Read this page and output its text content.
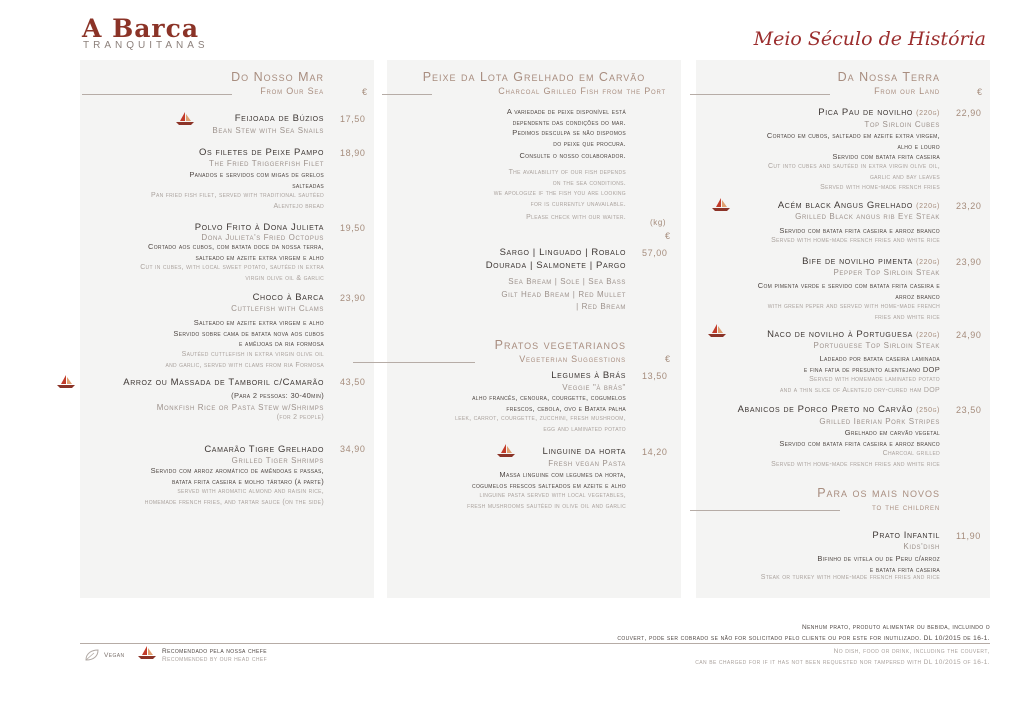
A Barca
TRANQUITANAS	Meio Século de História
Do Nosso Mar
From Our Sea	€
Feijoada de Búzios 17,50
Bean Stew with Sea Snails
Os filetes de Peixe Pampo 18,90
The Fried Triggerfish Filet
Panados e servidos com migas de grelos
salteadas
Pan fried fish filet, served with traditional sautéed
Alentejo bread
Polvo Frito à Dona Julieta 19,50
Dona Julieta's Fried Octopus
Cortado aos cubos, com batata doce da nossa terra,
salteado em azeite extra virgem e alho
Cut in cubes, with local sweet potato, sautéed in extra
virgin olive oil & garlic
Choco à Barca 23,90
Cuttlefish with Clams
Salteado em azeite extra virgem e alho
Servido sobre cama de batata nova aos cubos
e amêijoas da ria formosa
Sautéed cuttlefish in extra virgin olive oil
and garlic, served with clams from ria Formosa
Arroz ou Massada de Tamboril c/Camarão 43,50
(Para 2 pessoas: 30-40min)
Monkfish Rice or Pasta Stew w/Shrimps
(for 2 people)
Camarão Tigre Grelhado 34,90
Grilled Tiger Shrimps
Servido com arroz aromático de amêndoas e passas,
batata frita caseira e molho tártaro (à parte)
served with aromatic almond and raisin rice,
homemade french fries, and tartar sauce (on the side)
Peixe da Lota Grelhado em Carvão
Charcoal Grilled Fish from the Port
A variedade de peixe disponível está
dependente das condições do mar.
Pedimos desculpa se não dispomos
do peixe que procura.
Consulte o nosso colaborador.
The availability of our fish depends
on the sea conditions.
we apologize if the fish you are looking
for is currently unavailable.
Please check with our waiter.
(kg)
€
Sargo | Linguado | Robalo 57,00
Dourada | Salmonete | Pargo
Sea Bream | Sole | Sea Bass
Gilt Head Bream | Red Mullet
| Red Bream
Pratos vegetarianos
Vegeterian Suggestions	€
Legumes à Brás 13,50
Veggie "à brás"
alho francês, cenoura, courgette, cogumelos
frescos, cebola, ovo e Batata palha
leek, carrot, courgette, zucchini, fresh mushroom,
egg and laminated potato
Linguine da horta 14,20
Fresh vegan Pasta
Massa linguine com legumes da horta,
cogumelos frescos salteados em azeite e alho
linguine pasta served with local vegetables,
fresh mushrooms sautéed in olive oil and garlic
Da Nossa Terra
From our Land	€
Pica Pau de novilho (220g) 22,90
Top Sirloin Cubes
Cortado em cubos, salteado em azeite extra virgem,
alho e louro
Servido com batata frita caseira
Cut into cubes and sautéed in extra virgin olive oil,
garlic and bay leaves
Served with home-made french fries
Acém black Angus Grelhado (220g) 23,20
Grilled Black angus rib Eye Steak
Servido com batata frita caseira e arroz branco
Served with home-made french fries and white rice
Bife de novilho pimenta (220g) 23,90
Pepper Top Sirloin Steak
Com pimenta verde e servido com batata frita caseira e
arroz branco
with green peper and served with home-made french
fries and white rice
Naco de novilho à Portuguesa (220g) 24,90
Portuguese Top Sirloin Steak
Ladeado por batata caseira laminada
e fina fatia de presunto alentejano DOP
Served with homemade laminated potato
and a thin slice of Alentejo dry-cured ham DOP
Abanicos de Porco Preto no Carvão (250g) 23,50
Grilled Iberian Pork Stripes
Grelhado em carvão vegetal
Servido com batata frita caseira e arroz branco
Charcoal grilled
Served with home-made french fries and white rice
Para os mais novos
to the children
Prato Infantil 11,90
Kids'dish
Bifinho de vitela ou de Peru c/arroz
e batata frita caseira
Steak or turkey with home-made french fries and rice
Nenhum prato, produto alimentar ou bebida, incluindo o
couvert, pode ser cobrado se não for solicitado pelo cliente ou por este for inutilizado. DL 10/2015 de 16-1.
No dish, food or drink, including the couvert,
can be charged for if it has not been requested nor tampered with DL 10/2015 of 16-1.
Vegan
Recomendado pela nossa chefe
Recommended by our head chef
